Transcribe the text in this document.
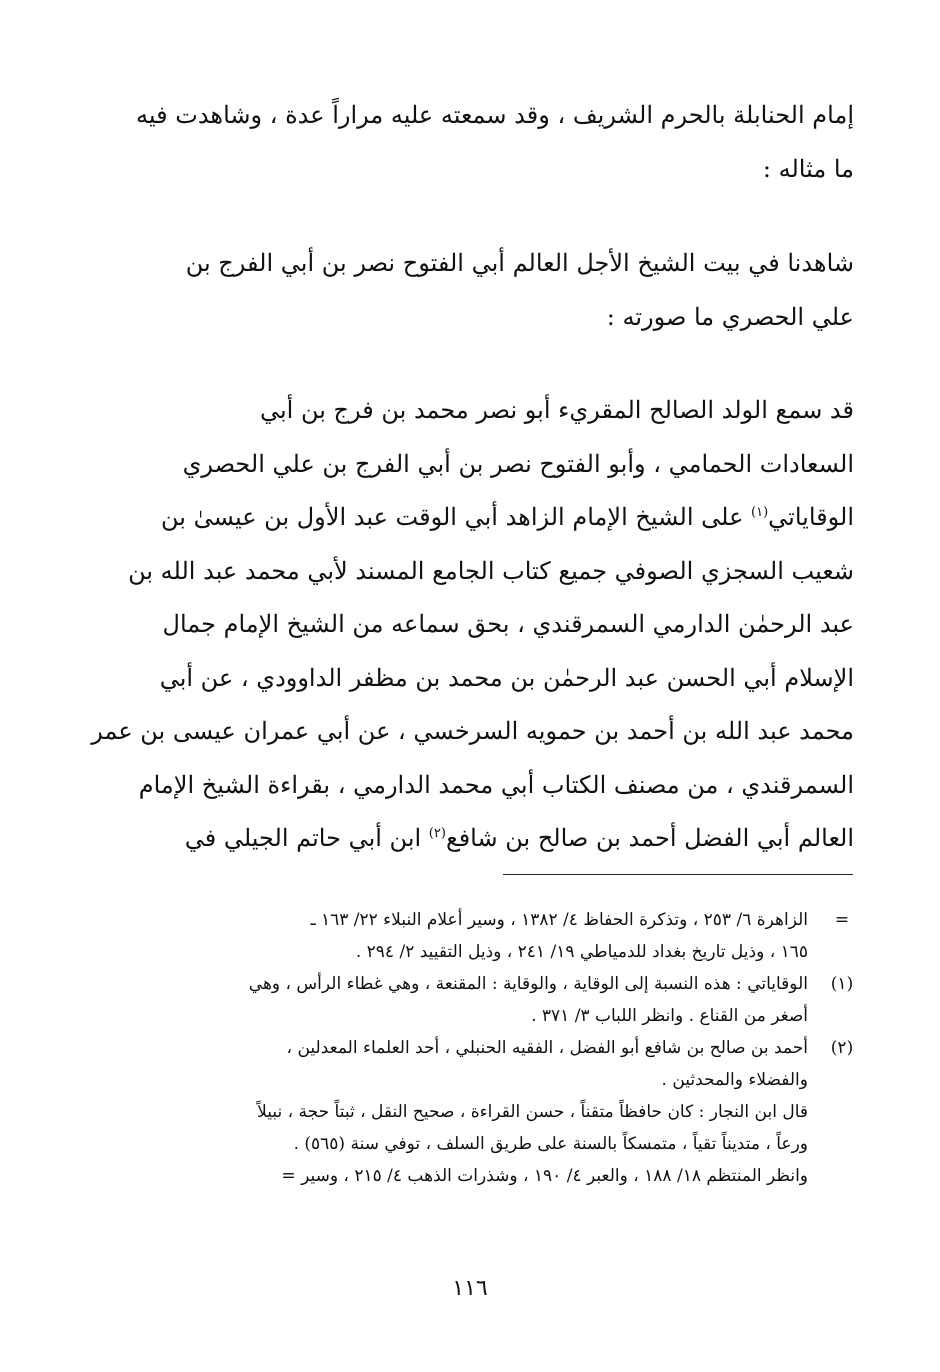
إمام الحنابلة بالحرم الشريف ، وقد سمعته عليه مراراً عدة ، وشاهدت فيه
ما مثاله :

شاهدنا في بيت الشيخ الأجل العالم أبي الفتوح نصر بن أبي الفرج بن
علي الحصري ما صورته :

قد سمع الولد الصالح المقريء أبو نصر محمد بن فرج بن أبي
السعادات الحمامي ، وأبو الفتوح نصر بن أبي الفرج بن علي الحصري
الوقاياتي$^{(١)}$ على الشيخ الإمام الزاهد أبي الوقت عبد الأول بن عيسىٰ بن
شعيب السجزي الصوفي جميع كتاب الجامع المسند لأبي محمد عبد الله بن
عبد الرحمٰن الدارمي السمرقندي ، بحق سماعه من الشيخ الإمام جمال
الإسلام أبي الحسن عبد الرحمٰن بن محمد بن مظفر الداوودي ، عن أبي
محمد عبد الله بن أحمد بن حمويه السرخسي ، عن أبي عمران عيسى بن عمر
السمرقندي ، من مصنف الكتاب أبي محمد الدارمي ، بقراءة الشيخ الإمام
العالم أبي الفضل أحمد بن صالح بن شافع$^{(٢)}$ ابن أبي حاتم الجيلي في

=
الزاهرة ٦/ ٢٥٣ ، وتذكرة الحفاظ ٤/ ١٣٨٢ ، وسير أعلام النبلاء ٢٢/ ١٦٣ ـ
١٦٥ ، وذيل تاريخ بغداد للدمياطي ١٩/ ٢٤١ ، وذيل التقييد ٢/ ٢٩٤ .
(١)
الوقاياتي : هذه النسبة إلى الوقاية ، والوقاية : المقنعة ، وهي غطاء الرأس ، وهي
أصغر من القناع . وانظر اللباب ٣/ ٣٧١ .
(٢)
أحمد بن صالح بن شافع أبو الفضل ، الفقيه الحنبلي ، أحد العلماء المعدلين ،
والفضلاء والمحدثين .
قال ابن النجار : كان حافظاً متقناً ، حسن القراءة ، صحيح النقل ، ثبتاً حجة ، نبيلاً
ورعاً ، متديناً تقياً ، متمسكاً بالسنة على طريق السلف ، توفي سنة (٥٦٥) .
وانظر المنتظم ١٨/ ١٨٨ ، والعبر ٤/ ١٩٠ ، وشذرات الذهب ٤/ ٢١٥ ، وسير =
١١٦
